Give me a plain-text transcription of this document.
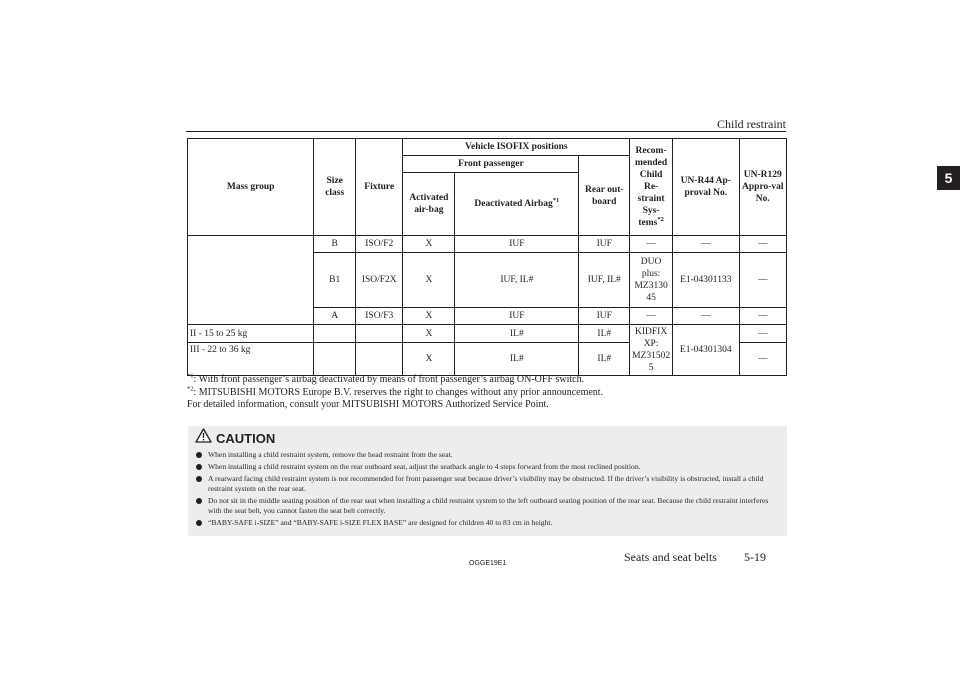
Child restraint
5
Mass group	Size class	Fixture	Vehicle ISOFIX positions			Recom-mended Child Re-straint Sys-tems$^{*2}$	UN-R44 Ap-proval No.	UN-R129 Appro-val No.
			Front passenger		Rear out-board			
			Activated air-bag	Deactivated Airbag$^{*1}$
	B	ISO/F2	X	IUF	IUF	—	—	—
	B1	ISO/F2X	X	IUF, IL#	IUF, IL#	DUO plus: MZ3130 45	E1-04301133	—
	A	ISO/F3	X	IUF	IUF	—	—	—
II - 15 to 25 kg			X	IL#	IL#	KIDFIX XP: MZ31502 5	E1-04301304	—
III - 22 to 36 kg			X	IL#	IL#			—

$^{*1}$: With front passenger’s airbag deactivated by means of front passenger’s airbag ON-OFF switch.

$^{*2}$: MITSUBISHI MOTORS Europe B.V. reserves the right to changes without any prior announcement.

For detailed information, consult your MITSUBISHI MOTORS Authorized Service Point.

CAUTION
When installing a child restraint system, remove the head restraint from the seat.
When installing a child restraint system on the rear outboard seat, adjust the seatback angle to 4 steps forward from the most reclined position.
A rearward facing child restraint system is not recommended for front passenger seat because driver’s visibility may be obstructed. If the driver’s visibility is obstructed, install a child restraint system on the rear seat.
Do not sit in the middle seating position of the rear seat when installing a child restraint system to the left outboard seating position of the rear seat. Because the child restraint interferes with the seat belt, you cannot fasten the seat belt correctly.
“BABY-SAFE i-SIZE” and “BABY-SAFE i-SIZE FLEX BASE” are designed for children 40 to 83 cm in height.
OGGE19E1	Seats and seat belts 5-19
